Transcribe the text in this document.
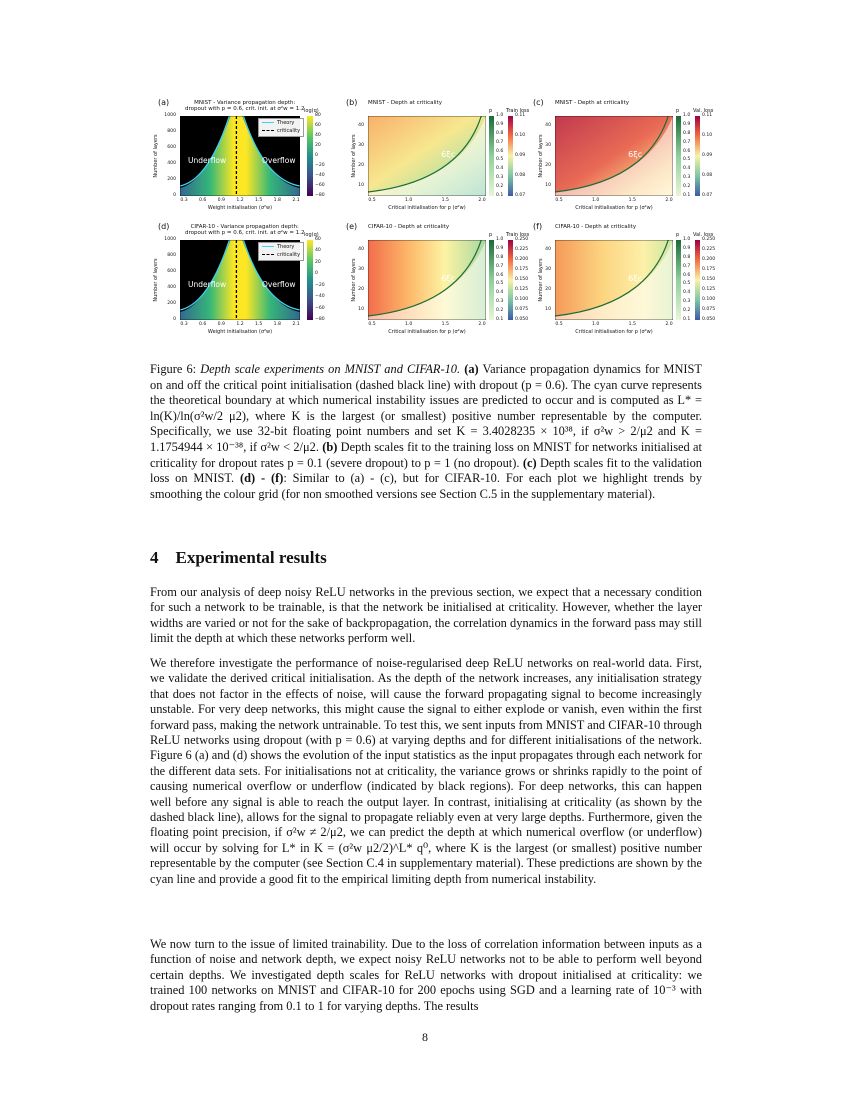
(a)	MNIST - Variance propagation depth:
dropout with p = 0.6, crit. init. at σ²w = 1.2
Underflow	Overflow
Theory
criticality
log(q)
80
60
40
20
0
−20
−40
−60
−80
1000
800
600
400
200
0
0.3 0.6 0.9 1.2 1.5 1.8 2.1
Weight initialisation (σ²w)
Number of layers
(b) MNIST - Depth at criticality
6ξc
p
1.0
0.9
0.8
0.7
0.6
0.5
0.4
0.3
0.2
0.1
Train loss
0.11
0.10
0.09
0.08
0.07
40
30
20
10
0.5	1.0	1.5	2.0
Critical initialisation for p (σ²w)
Number of layers
(c) MNIST - Depth at criticality
6ξc
p
1.0
0.9
0.8
0.7
0.6
0.5
0.4
0.3
0.2
0.1
Val. loss
0.11
0.10
0.09
0.08
0.07
40
30
20
10
0.5	1.0	1.5	2.0
Critical initialisation for p (σ²w)
Number of layers
(d)	CIFAR-10 - Variance propagation depth:
dropout with p = 0.6, crit. init. at σ²w = 1.2
Underflow	Overflow
Theory
criticality
log(q)
60
40
20
0
−20
−40
−60
−80
1000
800
600
400
200
0
0.3 0.6 0.9 1.2 1.5 1.8 2.1
Weight initialisation (σ²w)
Number of layers
(e) CIFAR-10 - Depth at criticality
6ξc
p
1.0
0.9
0.8
0.7
0.6
0.5
0.4
0.3
0.2
0.1
Train loss
0.250
0.225
0.200
0.175
0.150
0.125
0.100
0.075
0.050
40
30
20
10
0.5	1.0	1.5	2.0
Critical initialisation for p (σ²w)
Number of layers
(f) CIFAR-10 - Depth at criticality
6ξc
p
1.0
0.9
0.8
0.7
0.6
0.5
0.4
0.3
0.2
0.1
Val. loss
0.250
0.225
0.200
0.175
0.150
0.125
0.100
0.075
0.050
40
30
20
10
0.5	1.0	1.5	2.0
Critical initialisation for p (σ²w)
Number of layers
Figure 6: Depth scale experiments on MNIST and CIFAR-10. (a) Variance propagation dynamics for MNIST on and off the critical point initialisation (dashed black line) with dropout (p = 0.6). The cyan curve represents the theoretical boundary at which numerical instability issues are predicted to occur and is computed as L* = ln(K)/ln(σ²w/2 μ2), where K is the largest (or smallest) positive number representable by the computer. Specifically, we use 32-bit floating point numbers and set K = 3.4028235 × 10³⁸, if σ²w > 2/μ2 and K = 1.1754944 × 10⁻³⁸, if σ²w < 2/μ2. (b) Depth scales fit to the training loss on MNIST for networks initialised at criticality for dropout rates p = 0.1 (severe dropout) to p = 1 (no dropout). (c) Depth scales fit to the validation loss on MNIST. (d) - (f): Similar to (a) - (c), but for CIFAR-10. For each plot we highlight trends by smoothing the colour grid (for non smoothed versions see Section C.5 in the supplementary material).
4 Experimental results
From our analysis of deep noisy ReLU networks in the previous section, we expect that a necessary condition for such a network to be trainable, is that the network be initialised at criticality. However, whether the layer widths are varied or not for the sake of backpropagation, the correlation dynamics in the forward pass may still limit the depth at which these networks perform well.
We therefore investigate the performance of noise-regularised deep ReLU networks on real-world data. First, we validate the derived critical initialisation. As the depth of the network increases, any initialisation strategy that does not factor in the effects of noise, will cause the forward propagating signal to become increasingly unstable. For very deep networks, this might cause the signal to either explode or vanish, even within the first forward pass, making the network untrainable. To test this, we sent inputs from MNIST and CIFAR-10 through ReLU networks using dropout (with p = 0.6) at varying depths and for different initialisations of the network. Figure 6 (a) and (d) shows the evolution of the input statistics as the input propagates through each network for the different data sets. For initialisations not at criticality, the variance grows or shrinks rapidly to the point of causing numerical overflow or underflow (indicated by black regions). For deep networks, this can happen well before any signal is able to reach the output layer. In contrast, initialising at criticality (as shown by the dashed black line), allows for the signal to propagate reliably even at very large depths. Furthermore, given the floating point precision, if σ²w ≠ 2/μ2, we can predict the depth at which numerical overflow (or underflow) will occur by solving for L* in K = (σ²w μ2/2)^L* q⁰, where K is the largest (or smallest) positive number representable by the computer (see Section C.4 in supplementary material). These predictions are shown by the cyan line and provide a good fit to the empirical limiting depth from numerical instability.
We now turn to the issue of limited trainability. Due to the loss of correlation information between inputs as a function of noise and network depth, we expect noisy ReLU networks not to be able to perform well beyond certain depths. We investigated depth scales for ReLU networks with dropout initialised at criticality: we trained 100 networks on MNIST and CIFAR-10 for 200 epochs using SGD and a learning rate of 10⁻³ with dropout rates ranging from 0.1 to 1 for varying depths. The results
8
